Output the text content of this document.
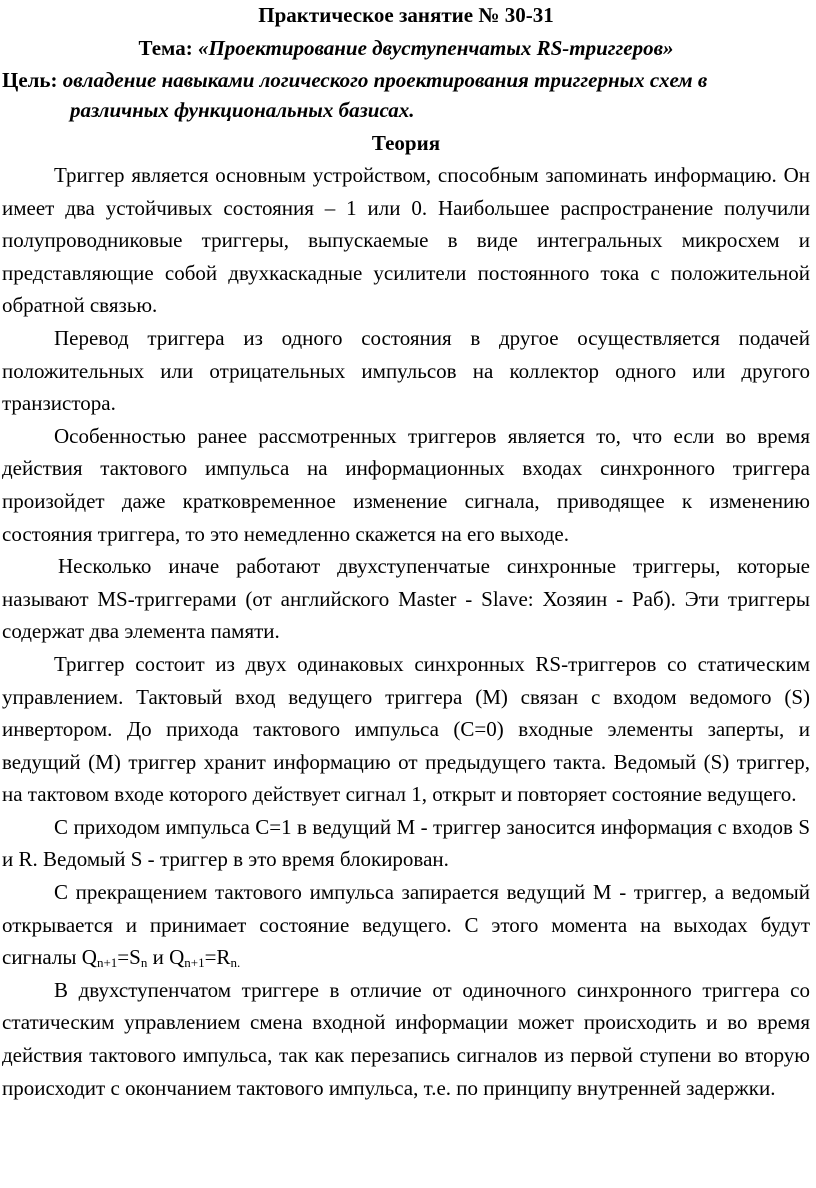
Практическое занятие № 30-31
Тема: «Проектирование двуступенчатых RS-триггеров»
Цель: овладение навыками логического проектирования триггерных схем в различных функциональных базисах.
Теория

Триггер является основным устройством, способным запоминать информацию. Он имеет два устойчивых состояния – 1 или 0. Наибольшее распространение получили полупроводниковые триггеры, выпускаемые в виде интегральных микросхем и представляющие собой двухкаскадные усилители постоянного тока с положительной обратной связью.

Перевод триггера из одного состояния в другое осуществляется подачей положительных или отрицательных импульсов на коллектор одного или другого транзистора.

Особенностью ранее рассмотренных триггеров является то, что если во время действия тактового импульса на информационных входах синхронного триггера произойдет даже кратковременное изменение сигнала, приводящее к изменению состояния триггера, то это немедленно скажется на его выходе.

Несколько иначе работают двухступенчатые синхронные триггеры, которые называют MS-триггерами (от английского Master - Slave: Хозяин - Раб). Эти триггеры содержат два элемента памяти.

Триггер состоит из двух одинаковых синхронных RS-триггеров со статическим управлением. Тактовый вход ведущего триггера (М) связан с входом ведомого (S) инвертором. До прихода тактового импульса (С=0) входные элементы заперты, и ведущий (М) триггер хранит информацию от предыдущего такта. Ведомый (S) триггер, на тактовом входе которого действует сигнал 1, открыт и повторяет состояние ведущего.

С приходом импульса С=1 в ведущий М - триггер заносится информация с входов S и R. Ведомый S - триггер в это время блокирован.

С прекращением тактового импульса запирается ведущий М - триггер, а ведомый открывается и принимает состояние ведущего. С этого момента на выходах будут сигналы $Q_{n+1}=S_n$ и $Q_{n+1}=R_{n.}$

В двухступенчатом триггере в отличие от одиночного синхронного триггера со статическим управлением смена входной информации может происходить и во время действия тактового импульса, так как перезапись сигналов из первой ступени во вторую происходит с окончанием тактового импульса, т.е. по принципу внутренней задержки.
